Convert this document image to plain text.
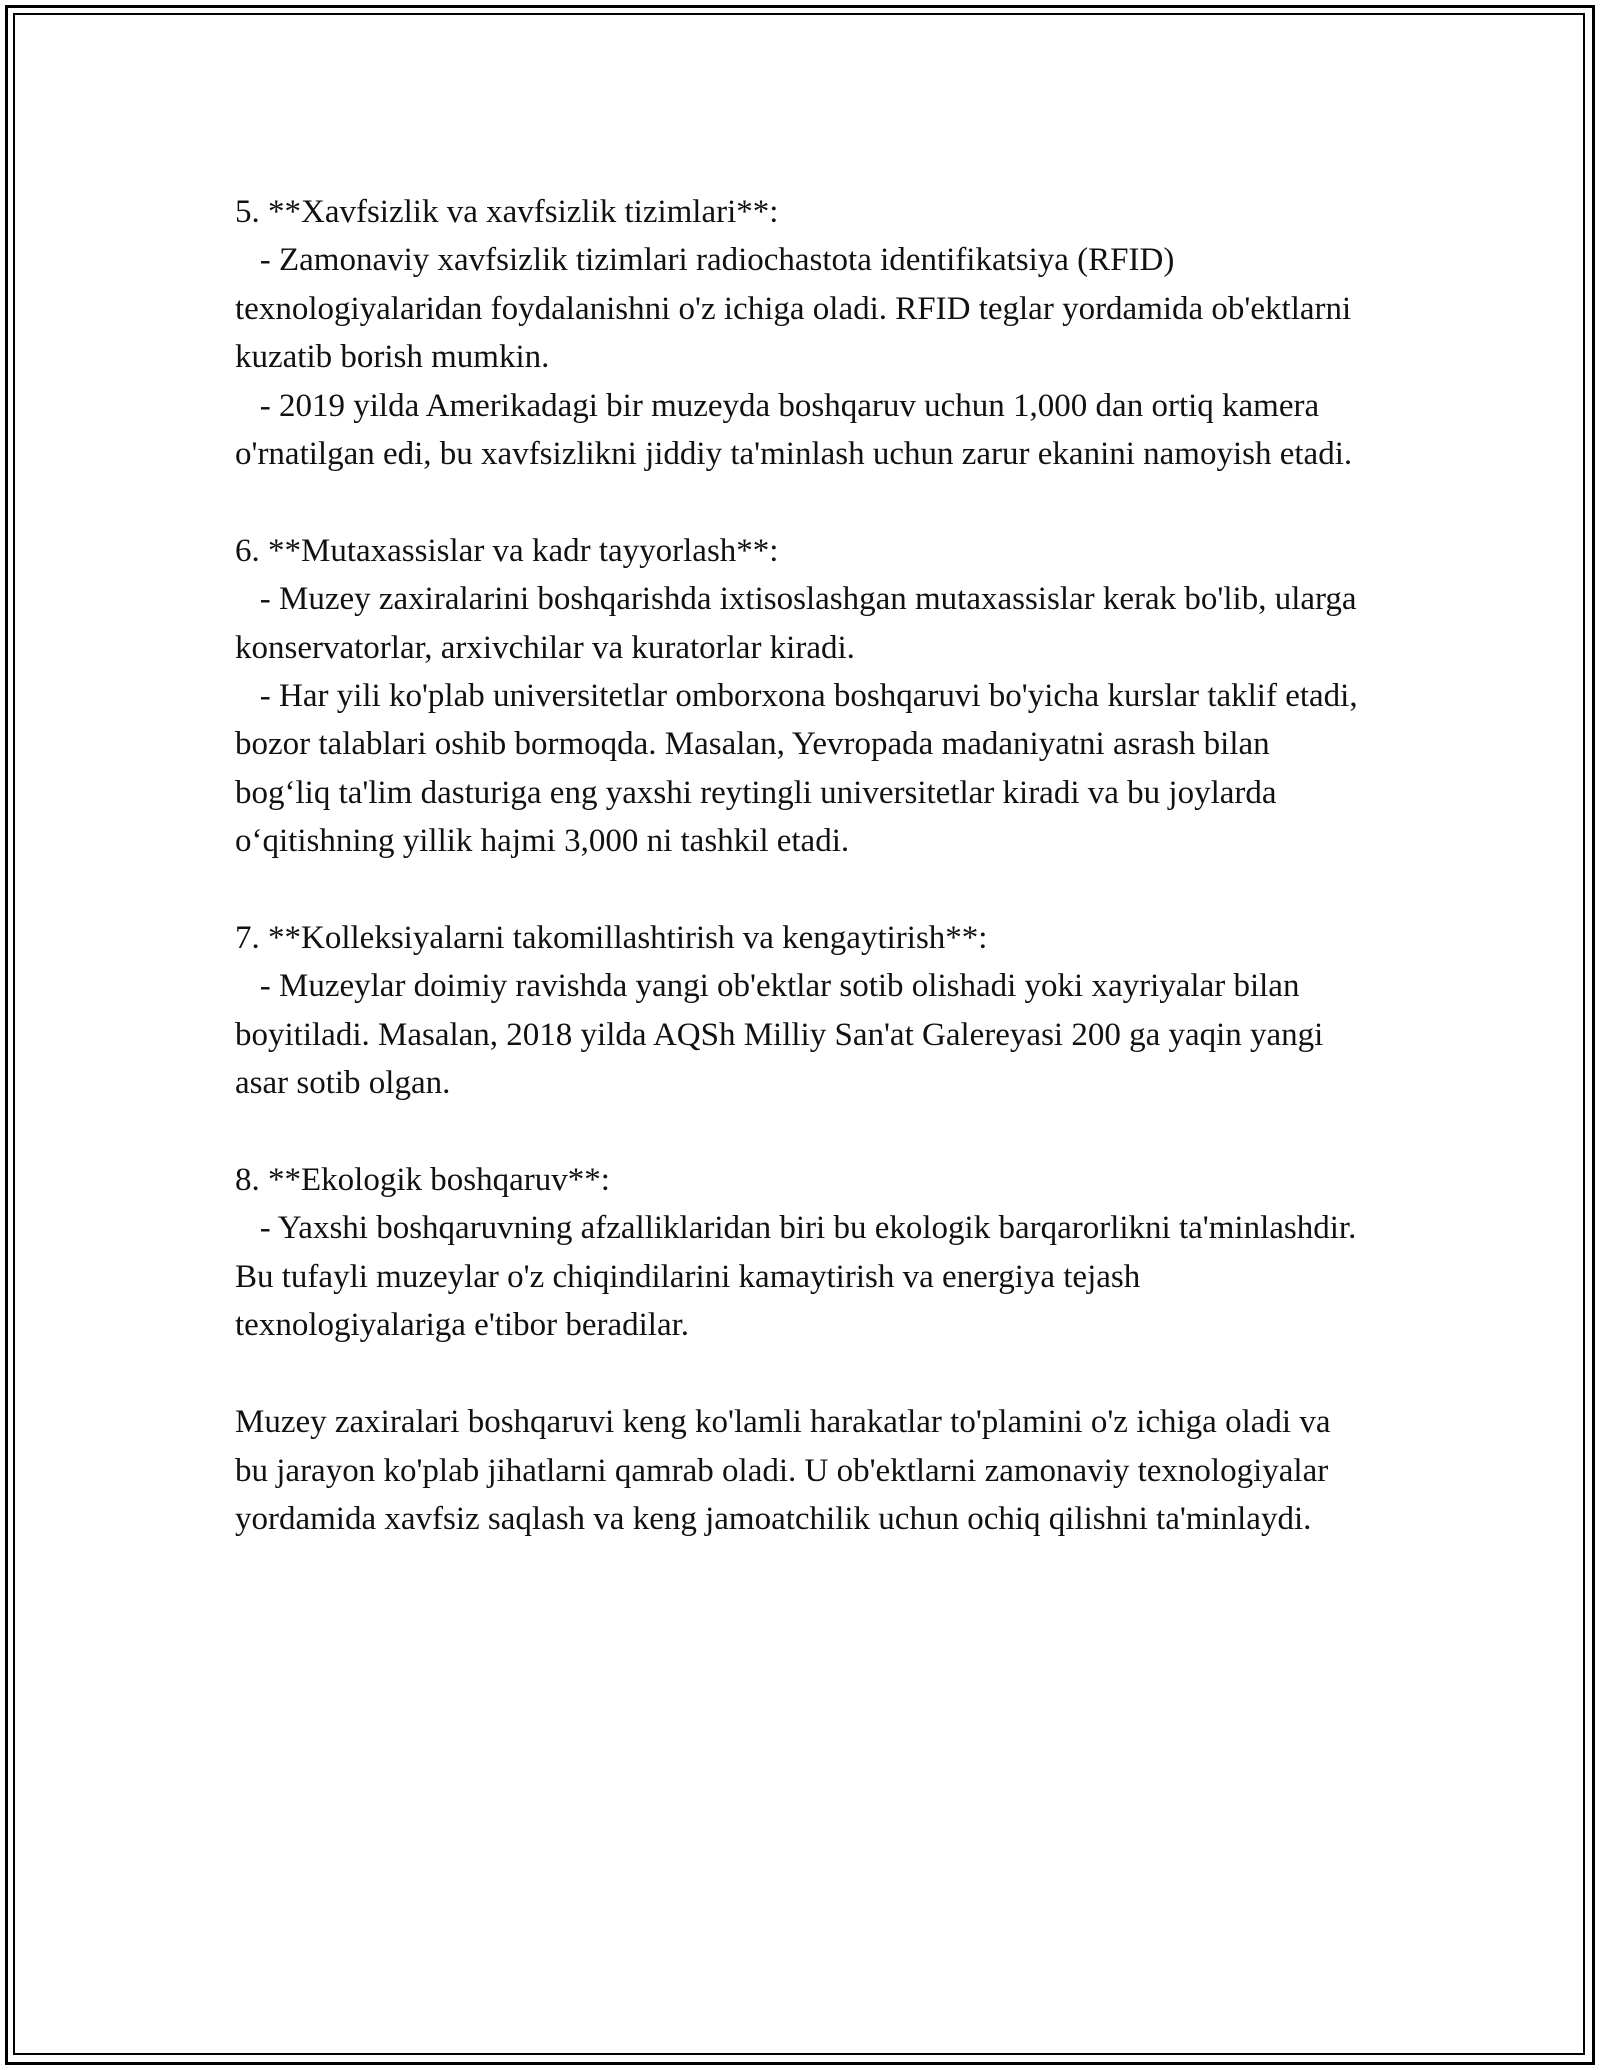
5. **Xavfsizlik va xavfsizlik tizimlari**:

- Zamonaviy xavfsizlik tizimlari radiochastota identifikatsiya (RFID) texnologiyalaridan foydalanishni o'z ichiga oladi. RFID teglar yordamida ob'ektlarni kuzatib borish mumkin.

- 2019 yilda Amerikadagi bir muzeyda boshqaruv uchun 1,000 dan ortiq kamera o'rnatilgan edi, bu xavfsizlikni jiddiy ta'minlash uchun zarur ekanini namoyish etadi.

6. **Mutaxassislar va kadr tayyorlash**:

- Muzey zaxiralarini boshqarishda ixtisoslashgan mutaxassislar kerak bo'lib, ularga konservatorlar, arxivchilar va kuratorlar kiradi.

- Har yili ko'plab universitetlar omborxona boshqaruvi bo'yicha kurslar taklif etadi, bozor talablari oshib bormoqda. Masalan, Yevropada madaniyatni asrash bilan bog‘liq ta'lim dasturiga eng yaxshi reytingli universitetlar kiradi va bu joylarda o‘qitishning yillik hajmi 3,000 ni tashkil etadi.

7. **Kolleksiyalarni takomillashtirish va kengaytirish**:

- Muzeylar doimiy ravishda yangi ob'ektlar sotib olishadi yoki xayriyalar bilan boyitiladi. Masalan, 2018 yilda AQSh Milliy San'at Galereyasi 200 ga yaqin yangi asar sotib olgan.

8. **Ekologik boshqaruv**:

- Yaxshi boshqaruvning afzalliklaridan biri bu ekologik barqarorlikni ta'minlashdir. Bu tufayli muzeylar o'z chiqindilarini kamaytirish va energiya tejash texnologiyalariga e'tibor beradilar.

Muzey zaxiralari boshqaruvi keng ko'lamli harakatlar to'plamini o'z ichiga oladi va bu jarayon ko'plab jihatlarni qamrab oladi. U ob'ektlarni zamonaviy texnologiyalar yordamida xavfsiz saqlash va keng jamoatchilik uchun ochiq qilishni ta'minlaydi.
